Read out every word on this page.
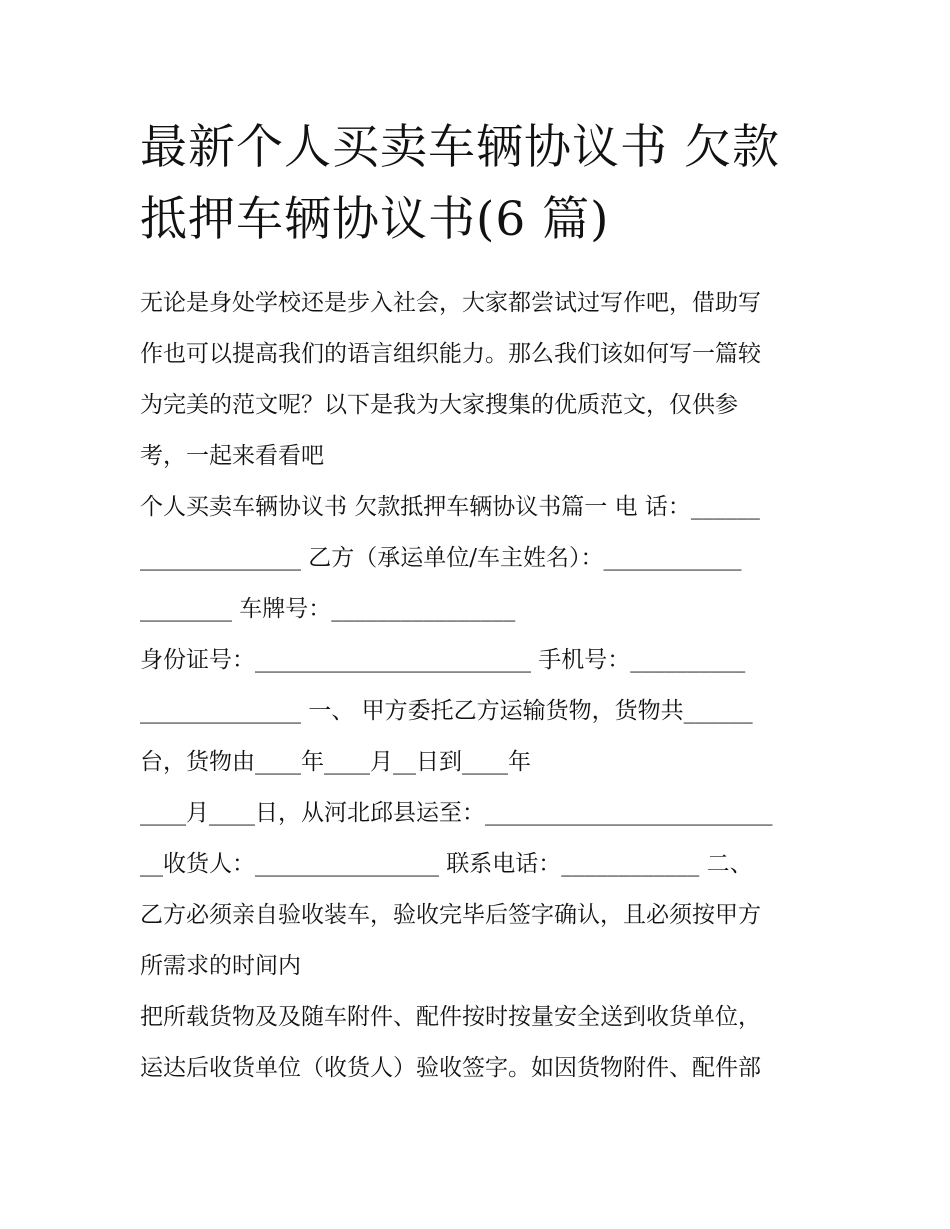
最新个人买卖车辆协议书 欠款
抵押车辆协议书(6 篇)

无论是身处学校还是步入社会，大家都尝试过写作吧，借助写
作也可以提高我们的语言组织能力。那么我们该如何写一篇较
为完美的范文呢？以下是我为大家搜集的优质范文，仅供参
考，一起来看看吧

个人买卖车辆协议书 欠款抵押车辆协议书篇一 电 话：______
______________ 乙方（承运单位/车主姓名）：____________
________ 车牌号：________________

身份证号：________________________ 手机号：__________
______________ 一、 甲方委托乙方运输货物，货物共______
台，货物由____年____月__日到____年

____月____日，从河北邱县运至：_________________________
__收货人：________________ 联系电话：____________ 二、
乙方必须亲自验收装车，验收完毕后签字确认，且必须按甲方
所需求的时间内

把所载货物及及随车附件、配件按时按量安全送到收货单位，
运达后收货单位（收货人）验收签字。如因货物附件、配件部
